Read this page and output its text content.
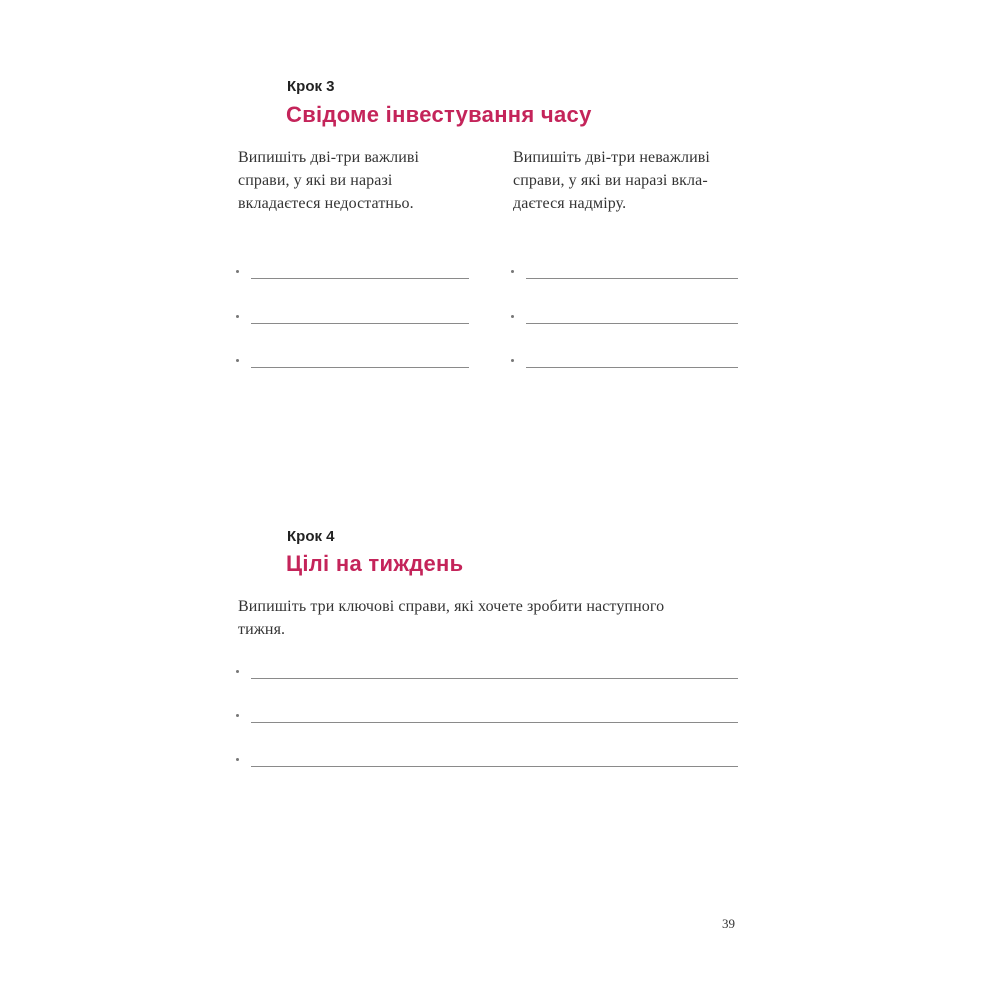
Крок 3
Свідоме інвестування часу
Випишіть дві-три важливі
справи, у які ви наразі
вкладаєтеся недостатньо.
Випишіть дві-три неважливі
справи, у які ви наразі вкла-
даєтеся надміру.
Крок 4
Цілі на тиждень
Випишіть три ключові справи, які хочете зробити наступного
тижня.
39
